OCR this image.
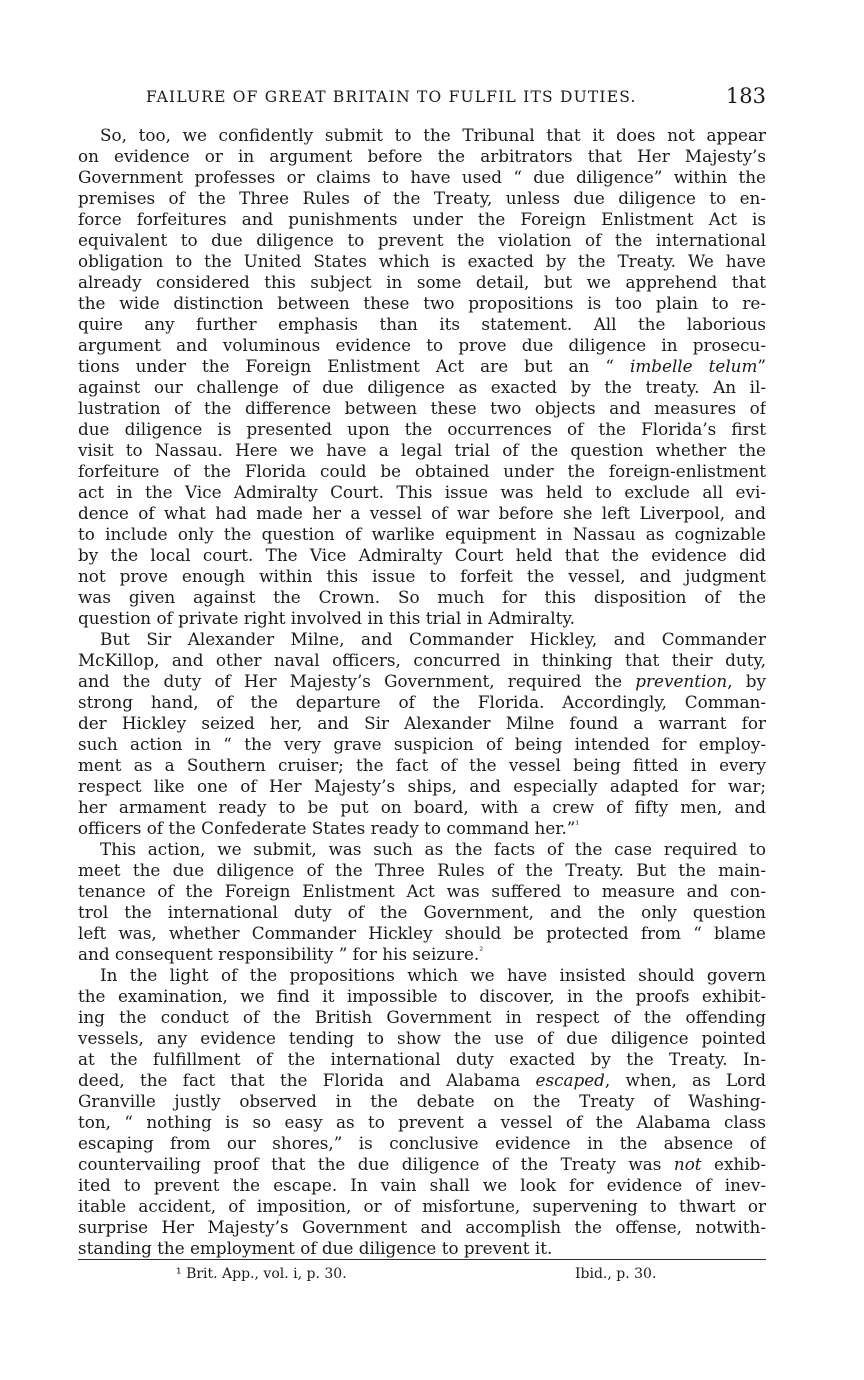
FAILURE OF GREAT BRITAIN TO FULFIL ITS DUTIES.	183
So, too, we confidently submit to the Tribunal that it does not appear
on evidence or in argument before the arbitrators that Her Majesty’s
Government professes or claims to have used “ due diligence” within the
premises of the Three Rules of the Treaty, unless due diligence to en-
force forfeitures and punishments under the Foreign Enlistment Act is
equivalent to due diligence to prevent the violation of the international
obligation to the United States which is exacted by the Treaty. We have
already considered this subject in some detail, but we apprehend that
the wide distinction between these two propositions is too plain to re-
quire any further emphasis than its statement. All the laborious
argument and voluminous evidence to prove due diligence in prosecu-
tions under the Foreign Enlistment Act are but an “ imbelle telum”
against our challenge of due diligence as exacted by the treaty. An il-
lustration of the difference between these two objects and measures of
due diligence is presented upon the occurrences of the Florida’s first
visit to Nassau. Here we have a legal trial of the question whether the
forfeiture of the Florida could be obtained under the foreign-enlistment
act in the Vice Admiralty Court. This issue was held to exclude all evi-
dence of what had made her a vessel of war before she left Liverpool, and
to include only the question of warlike equipment in Nassau as cognizable
by the local court. The Vice Admiralty Court held that the evidence did
not prove enough within this issue to forfeit the vessel, and judgment
was given against the Crown. So much for this disposition of the
question of private right involved in this trial in Admiralty.
But Sir Alexander Milne, and Commander Hickley, and Commander
McKillop, and other naval officers, concurred in thinking that their duty,
and the duty of Her Majesty’s Government, required the prevention, by
strong hand, of the departure of the Florida. Accordingly, Comman-
der Hickley seized her, and Sir Alexander Milne found a warrant for
such action in “ the very grave suspicion of being intended for employ-
ment as a Southern cruiser; the fact of the vessel being fitted in every
respect like one of Her Majesty’s ships, and especially adapted for war;
her armament ready to be put on board, with a crew of fifty men, and
officers of the Confederate States ready to command her.”$^{^1}$
This action, we submit, was such as the facts of the case required to
meet the due diligence of the Three Rules of the Treaty. But the main-
tenance of the Foreign Enlistment Act was suffered to measure and con-
trol the international duty of the Government, and the only question
left was, whether Commander Hickley should be protected from “ blame
and consequent responsibility ” for his seizure.$^{^2}$
In the light of the propositions which we have insisted should govern
the examination, we find it impossible to discover, in the proofs exhibit-
ing the conduct of the British Government in respect of the offending
vessels, any evidence tending to show the use of due diligence pointed
at the fulfillment of the international duty exacted by the Treaty. In-
deed, the fact that the Florida and Alabama escaped, when, as Lord
Granville justly observed in the debate on the Treaty of Washing-
ton, “ nothing is so easy as to prevent a vessel of the Alabama class
escaping from our shores,” is conclusive evidence in the absence of
countervailing proof that the due diligence of the Treaty was not exhib-
ited to prevent the escape. In vain shall we look for evidence of inev-
itable accident, of imposition, or of misfortune, supervening to thwart or
surprise Her Majesty’s Government and accomplish the offense, notwith-
standing the employment of due diligence to prevent it.
¹ Brit. App., vol. i, p. 30.	Ibid., p. 30.
